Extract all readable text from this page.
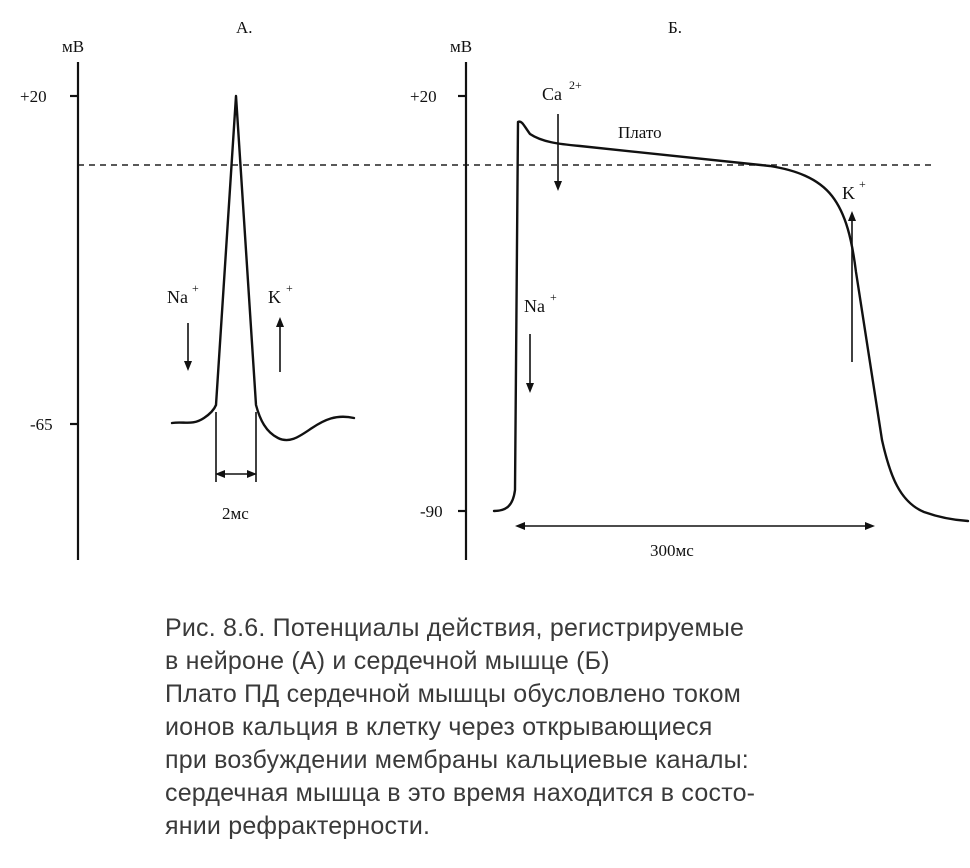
А.
мВ
+20
-65
Na +	K +
2мс
Б.
мВ
+20
-90
Ca 2+
Плато
Na +
K +
300мс
Рис. 8.6. Потенциалы действия, регистрируемые
в нейроне (А) и сердечной мышце (Б)
Плато ПД сердечной мышцы обусловлено током
ионов кальция в клетку через открывающиеся
при возбуждении мембраны кальциевые каналы:
сердечная мышца в это время находится в состо-
янии рефрактерности.
